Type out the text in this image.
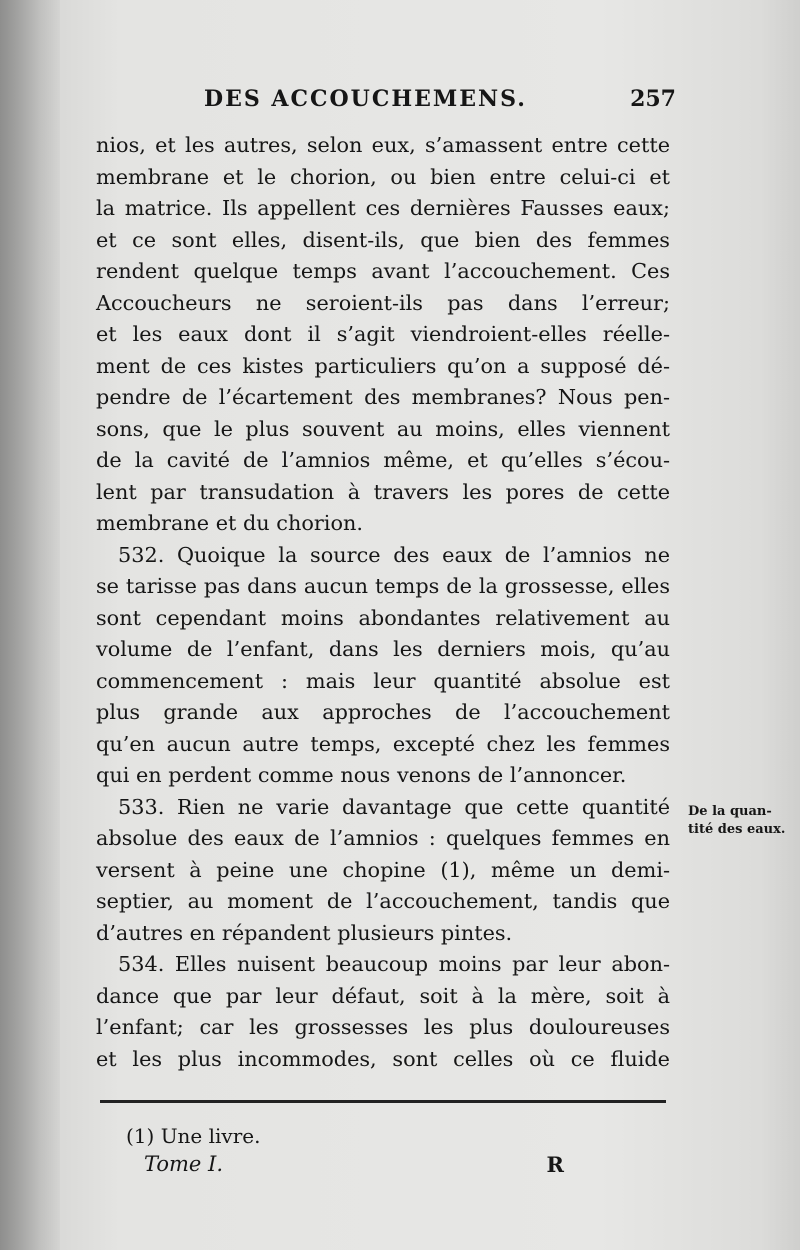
DES ACCOUCHEMENS.	257
nios, et les autres, selon eux, s’amassent entre cette
membrane et le chorion, ou bien entre celui-ci et
la matrice. Ils appellent ces dernières Fausses eaux;
et ce sont elles, disent-ils, que bien des femmes
rendent quelque temps avant l’accouchement. Ces
Accoucheurs ne seroient-ils pas dans l’erreur;
et les eaux dont il s’agit viendroient-elles réelle-
ment de ces kistes particuliers qu’on a supposé dé-
pendre de l’écartement des membranes? Nous pen-
sons, que le plus souvent au moins, elles viennent
de la cavité de l’amnios même, et qu’elles s’écou-
lent par transudation à travers les pores de cette
membrane et du chorion.
532. Quoique la source des eaux de l’amnios ne
se tarisse pas dans aucun temps de la grossesse, elles
sont cependant moins abondantes relativement au
volume de l’enfant, dans les derniers mois, qu’au
commencement : mais leur quantité absolue est
plus grande aux approches de l’accouchement
qu’en aucun autre temps, excepté chez les femmes
qui en perdent comme nous venons de l’annoncer.
533. Rien ne varie davantage que cette quantité
absolue des eaux de l’amnios : quelques femmes en
versent à peine une chopine (1), même un demi-
septier, au moment de l’accouchement, tandis que
d’autres en répandent plusieurs pintes.
534. Elles nuisent beaucoup moins par leur abon-
dance que par leur défaut, soit à la mère, soit à
l’enfant; car les grossesses les plus douloureuses
et les plus incommodes, sont celles où ce fluide
De la quan-
tité des eaux.
(1) Une livre.
Tome I.	R
